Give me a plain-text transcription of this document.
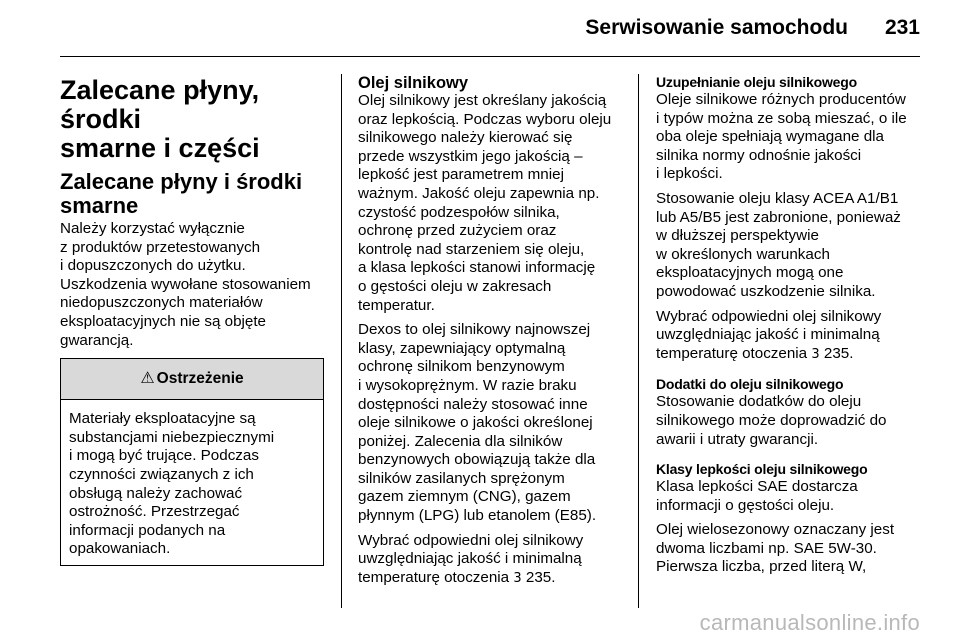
Serwisowanie samochodu 231
Zalecane płyny, środki
smarne i części
Zalecane płyny i środki
smarne

Należy korzystać wyłącznie
z produktów przetestowanych
i dopuszczonych do użytku.
Uszkodzenia wywołane stosowaniem
niedopuszczonych materiałów
eksploatacyjnych nie są objęte
gwarancją.

⚠ Ostrzeżenie
Materiały eksploatacyjne są
substancjami niebezpiecznymi
i mogą być trujące. Podczas
czynności związanych z ich
obsługą należy zachować
ostrożność. Przestrzegać
informacji podanych na
opakowaniach.
Olej silnikowy

Olej silnikowy jest określany jakością
oraz lepkością. Podczas wyboru oleju
silnikowego należy kierować się
przede wszystkim jego jakością –
lepkość jest parametrem mniej
ważnym. Jakość oleju zapewnia np.
czystość podzespołów silnika,
ochronę przed zużyciem oraz
kontrolę nad starzeniem się oleju,
a klasa lepkości stanowi informację
o gęstości oleju w zakresach
temperatur.

Dexos to olej silnikowy najnowszej
klasy, zapewniający optymalną
ochronę silnikom benzynowym
i wysokoprężnym. W razie braku
dostępności należy stosować inne
oleje silnikowe o jakości określonej
poniżej. Zalecenia dla silników
benzynowych obowiązują także dla
silników zasilanych sprężonym
gazem ziemnym (CNG), gazem
płynnym (LPG) lub etanolem (E85).

Wybrać odpowiedni olej silnikowy
uwzględniając jakość i minimalną
temperaturę otoczenia 3 235.

Uzupełnianie oleju silnikowego

Oleje silnikowe różnych producentów
i typów można ze sobą mieszać, o ile
oba oleje spełniają wymagane dla
silnika normy odnośnie jakości
i lepkości.

Stosowanie oleju klasy ACEA A1/B1
lub A5/B5 jest zabronione, ponieważ
w dłuższej perspektywie
w określonych warunkach
eksploatacyjnych mogą one
powodować uszkodzenie silnika.

Wybrać odpowiedni olej silnikowy
uwzględniając jakość i minimalną
temperaturę otoczenia 3 235.

Dodatki do oleju silnikowego

Stosowanie dodatków do oleju
silnikowego może doprowadzić do
awarii i utraty gwarancji.

Klasy lepkości oleju silnikowego

Klasa lepkości SAE dostarcza
informacji o gęstości oleju.

Olej wielosezonowy oznaczany jest
dwoma liczbami np. SAE 5W-30.
Pierwsza liczba, przed literą W,

carmanualsonline.info
